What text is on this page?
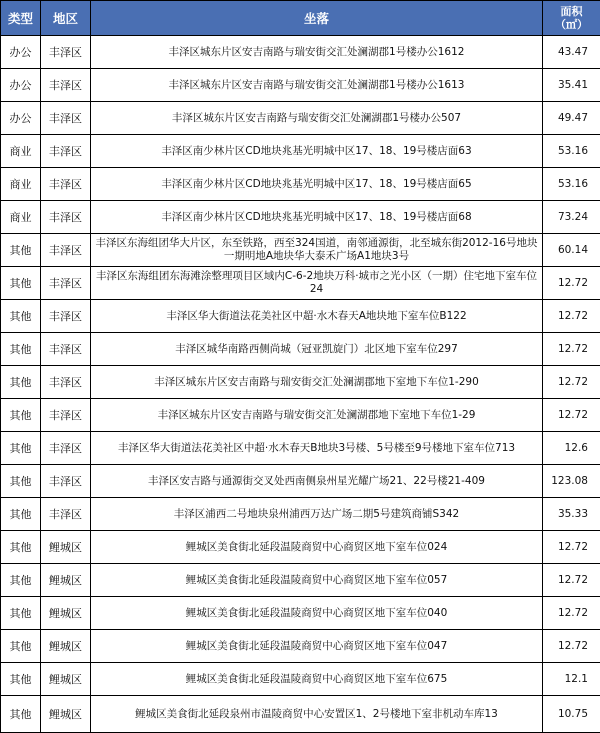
类型	地区	坐落	面积
（㎡）
办公	丰泽区	丰泽区城东片区安吉南路与瑞安街交汇处澜湖郡1号楼办公1612	43.47
办公	丰泽区	丰泽区城东片区安吉南路与瑞安街交汇处澜湖郡1号楼办公1613	35.41
办公	丰泽区	丰泽区城东片区安吉南路与瑞安街交汇处澜湖郡1号楼办公507	49.47
商业	丰泽区	丰泽区南少林片区CD地块兆基光明城中区17、18、19号楼店面63	53.16
商业	丰泽区	丰泽区南少林片区CD地块兆基光明城中区17、18、19号楼店面65	53.16
商业	丰泽区	丰泽区南少林片区CD地块兆基光明城中区17、18、19号楼店面68	73.24
其他	丰泽区	丰泽区东海组团华大片区，东至铁路，西至324国道，南邻通源街，北至城东街2012-16号地块一期明地A地块华大泰禾广场A1地块3号	60.14
其他	丰泽区	丰泽区东海组团东海滩涂整理项目区域内C-6-2地块万科·城市之光小区（一期）住宅地下室车位 24	12.72
其他	丰泽区	丰泽区华大街道法花美社区中超·水木春天A地块地下室车位B122	12.72
其他	丰泽区	丰泽区城华南路西侧尚城（冠亚凯旋门）北区地下室车位297	12.72
其他	丰泽区	丰泽区城东片区安吉南路与瑞安街交汇处澜湖郡地下室地下车位1-290	12.72
其他	丰泽区	丰泽区城东片区安吉南路与瑞安街交汇处澜湖郡地下室地下车位1-29	12.72
其他	丰泽区	丰泽区华大街道法花美社区中超·水木春天B地块3号楼、5号楼至9号楼地下室车位713	12.6
其他	丰泽区	丰泽区安吉路与通源街交叉处西南侧泉州星光耀广场21、22号楼21-409	123.08
其他	丰泽区	丰泽区浦西二号地块泉州浦西万达广场二期5号建筑商铺S342	35.33
其他	鲤城区	鲤城区美食街北延段温陵商贸中心商贸区地下室车位024	12.72
其他	鲤城区	鲤城区美食街北延段温陵商贸中心商贸区地下室车位057	12.72
其他	鲤城区	鲤城区美食街北延段温陵商贸中心商贸区地下室车位040	12.72
其他	鲤城区	鲤城区美食街北延段温陵商贸中心商贸区地下室车位047	12.72
其他	鲤城区	鲤城区美食街北延段温陵商贸中心商贸区地下室车位675	12.1
其他	鲤城区	鲤城区美食街北延段泉州市温陵商贸中心安置区1、2号楼地下室非机动车库13	10.75
